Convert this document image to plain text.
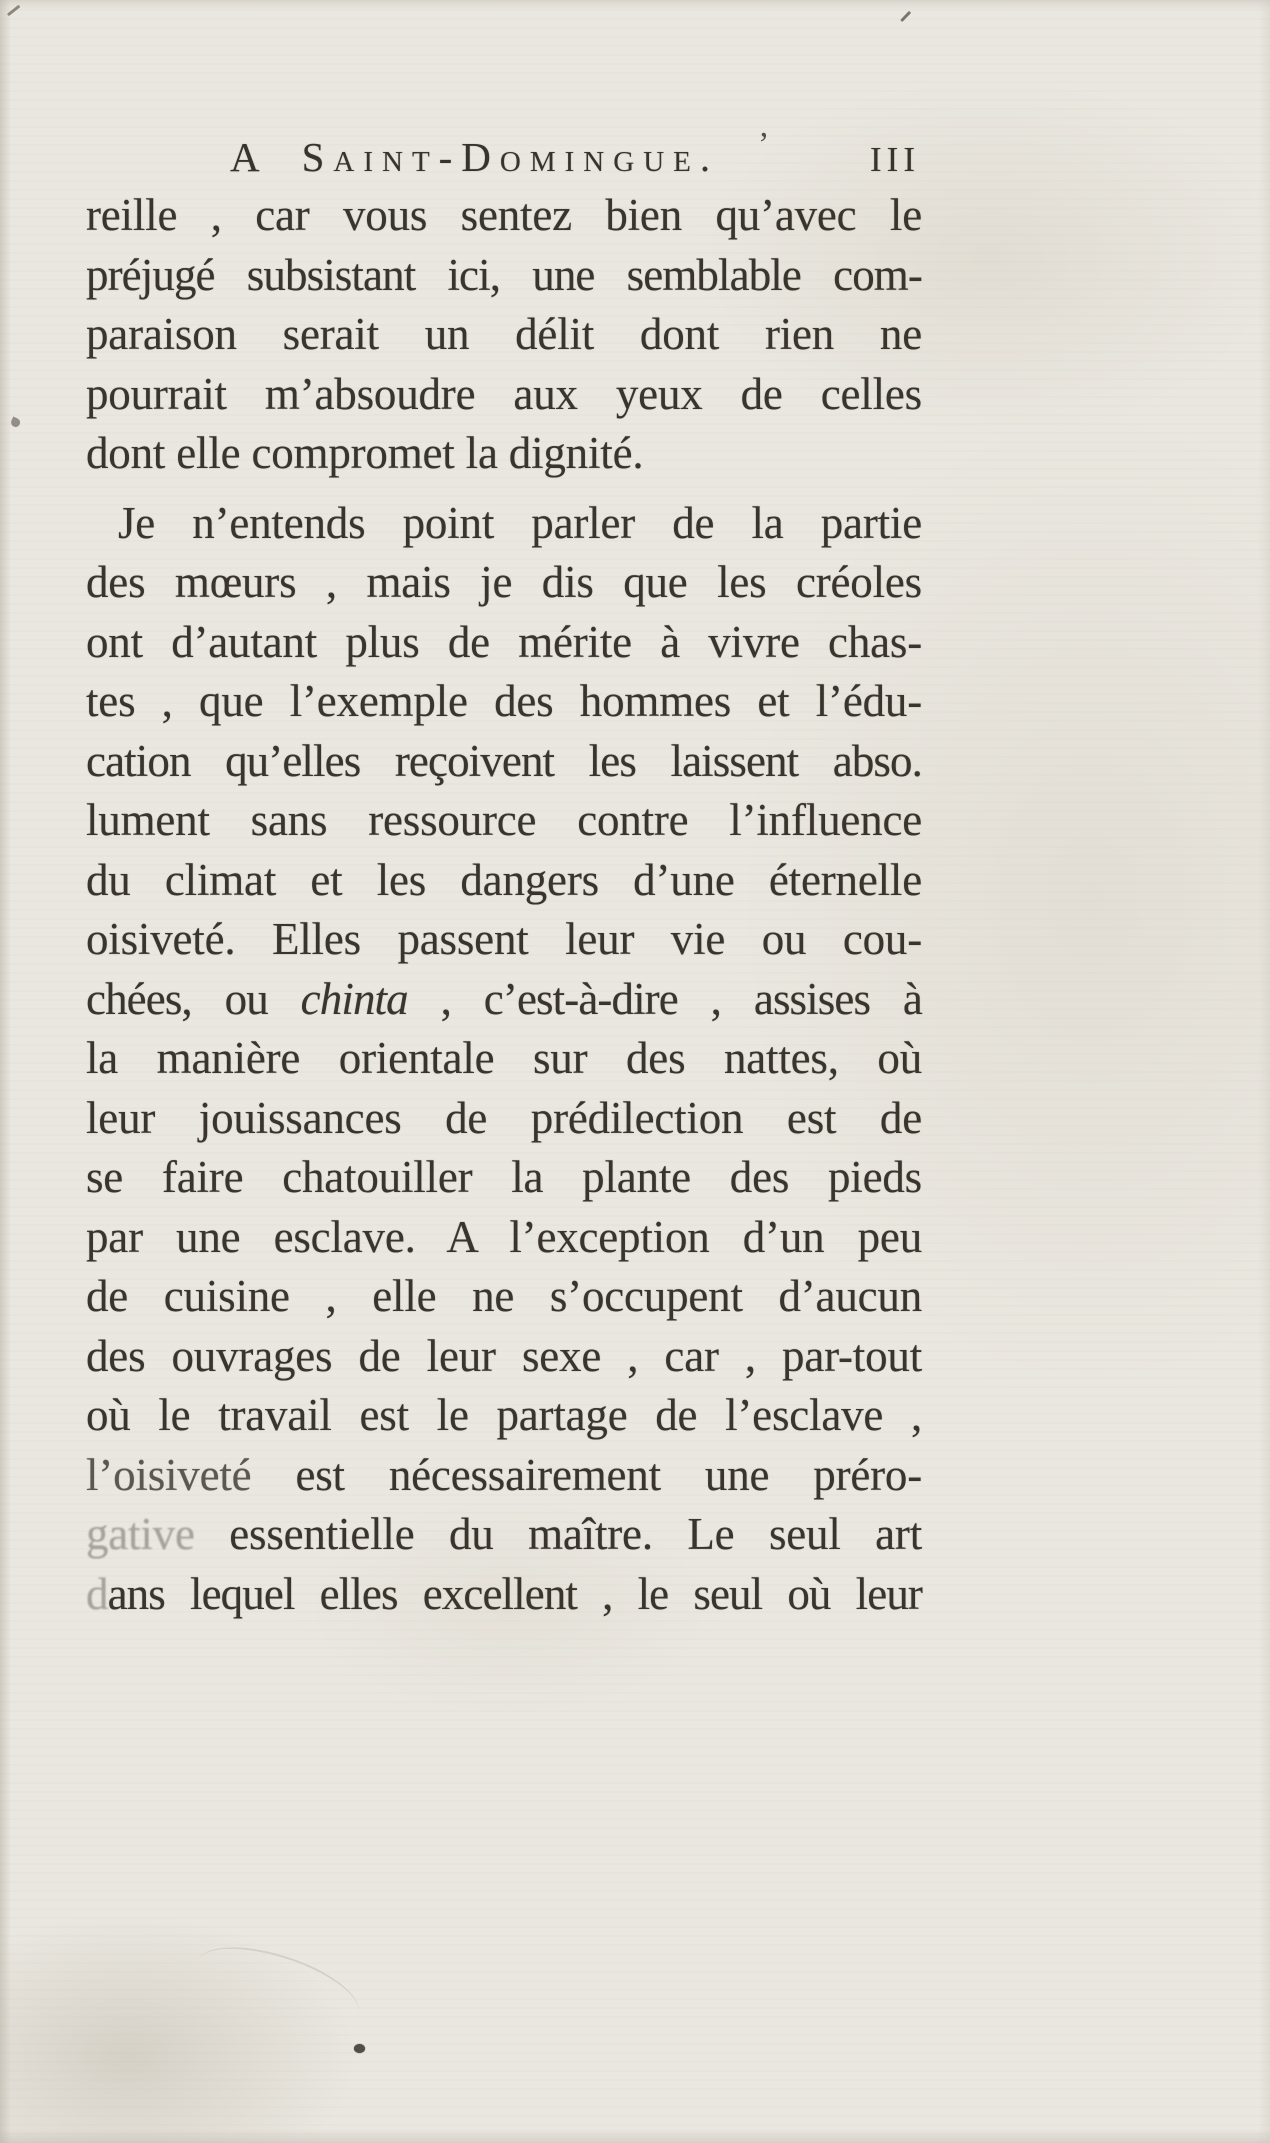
A Saint-Domingue. ’	III
reille , car vous sentez bien qu’avec le
préjugé subsistant ici, une semblable com-
paraison serait un délit dont rien ne
pourrait m’absoudre aux yeux de celles
dont elle compromet la dignité.
Je n’entends point parler de la partie
des mœurs , mais je dis que les créoles
ont d’autant plus de mérite à vivre chas-
tes , que l’exemple des hommes et l’édu-
cation qu’elles reçoivent les laissent abso.
lument sans ressource contre l’influence
du climat et les dangers d’une éternelle
oisiveté. Elles passent leur vie ou cou-
chées, ou chinta , c’est-à-dire , assises à
la manière orientale sur des nattes, où
leur jouissances de prédilection est de
se faire chatouiller la plante des pieds
par une esclave. A l’exception d’un peu
de cuisine , elle ne s’occupent d’aucun
des ouvrages de leur sexe , car , par-tout
où le travail est le partage de l’esclave ,
l’oisiveté est nécessairement une préro-
gative essentielle du maître. Le seul art
dans lequel elles excellent , le seul où leur
